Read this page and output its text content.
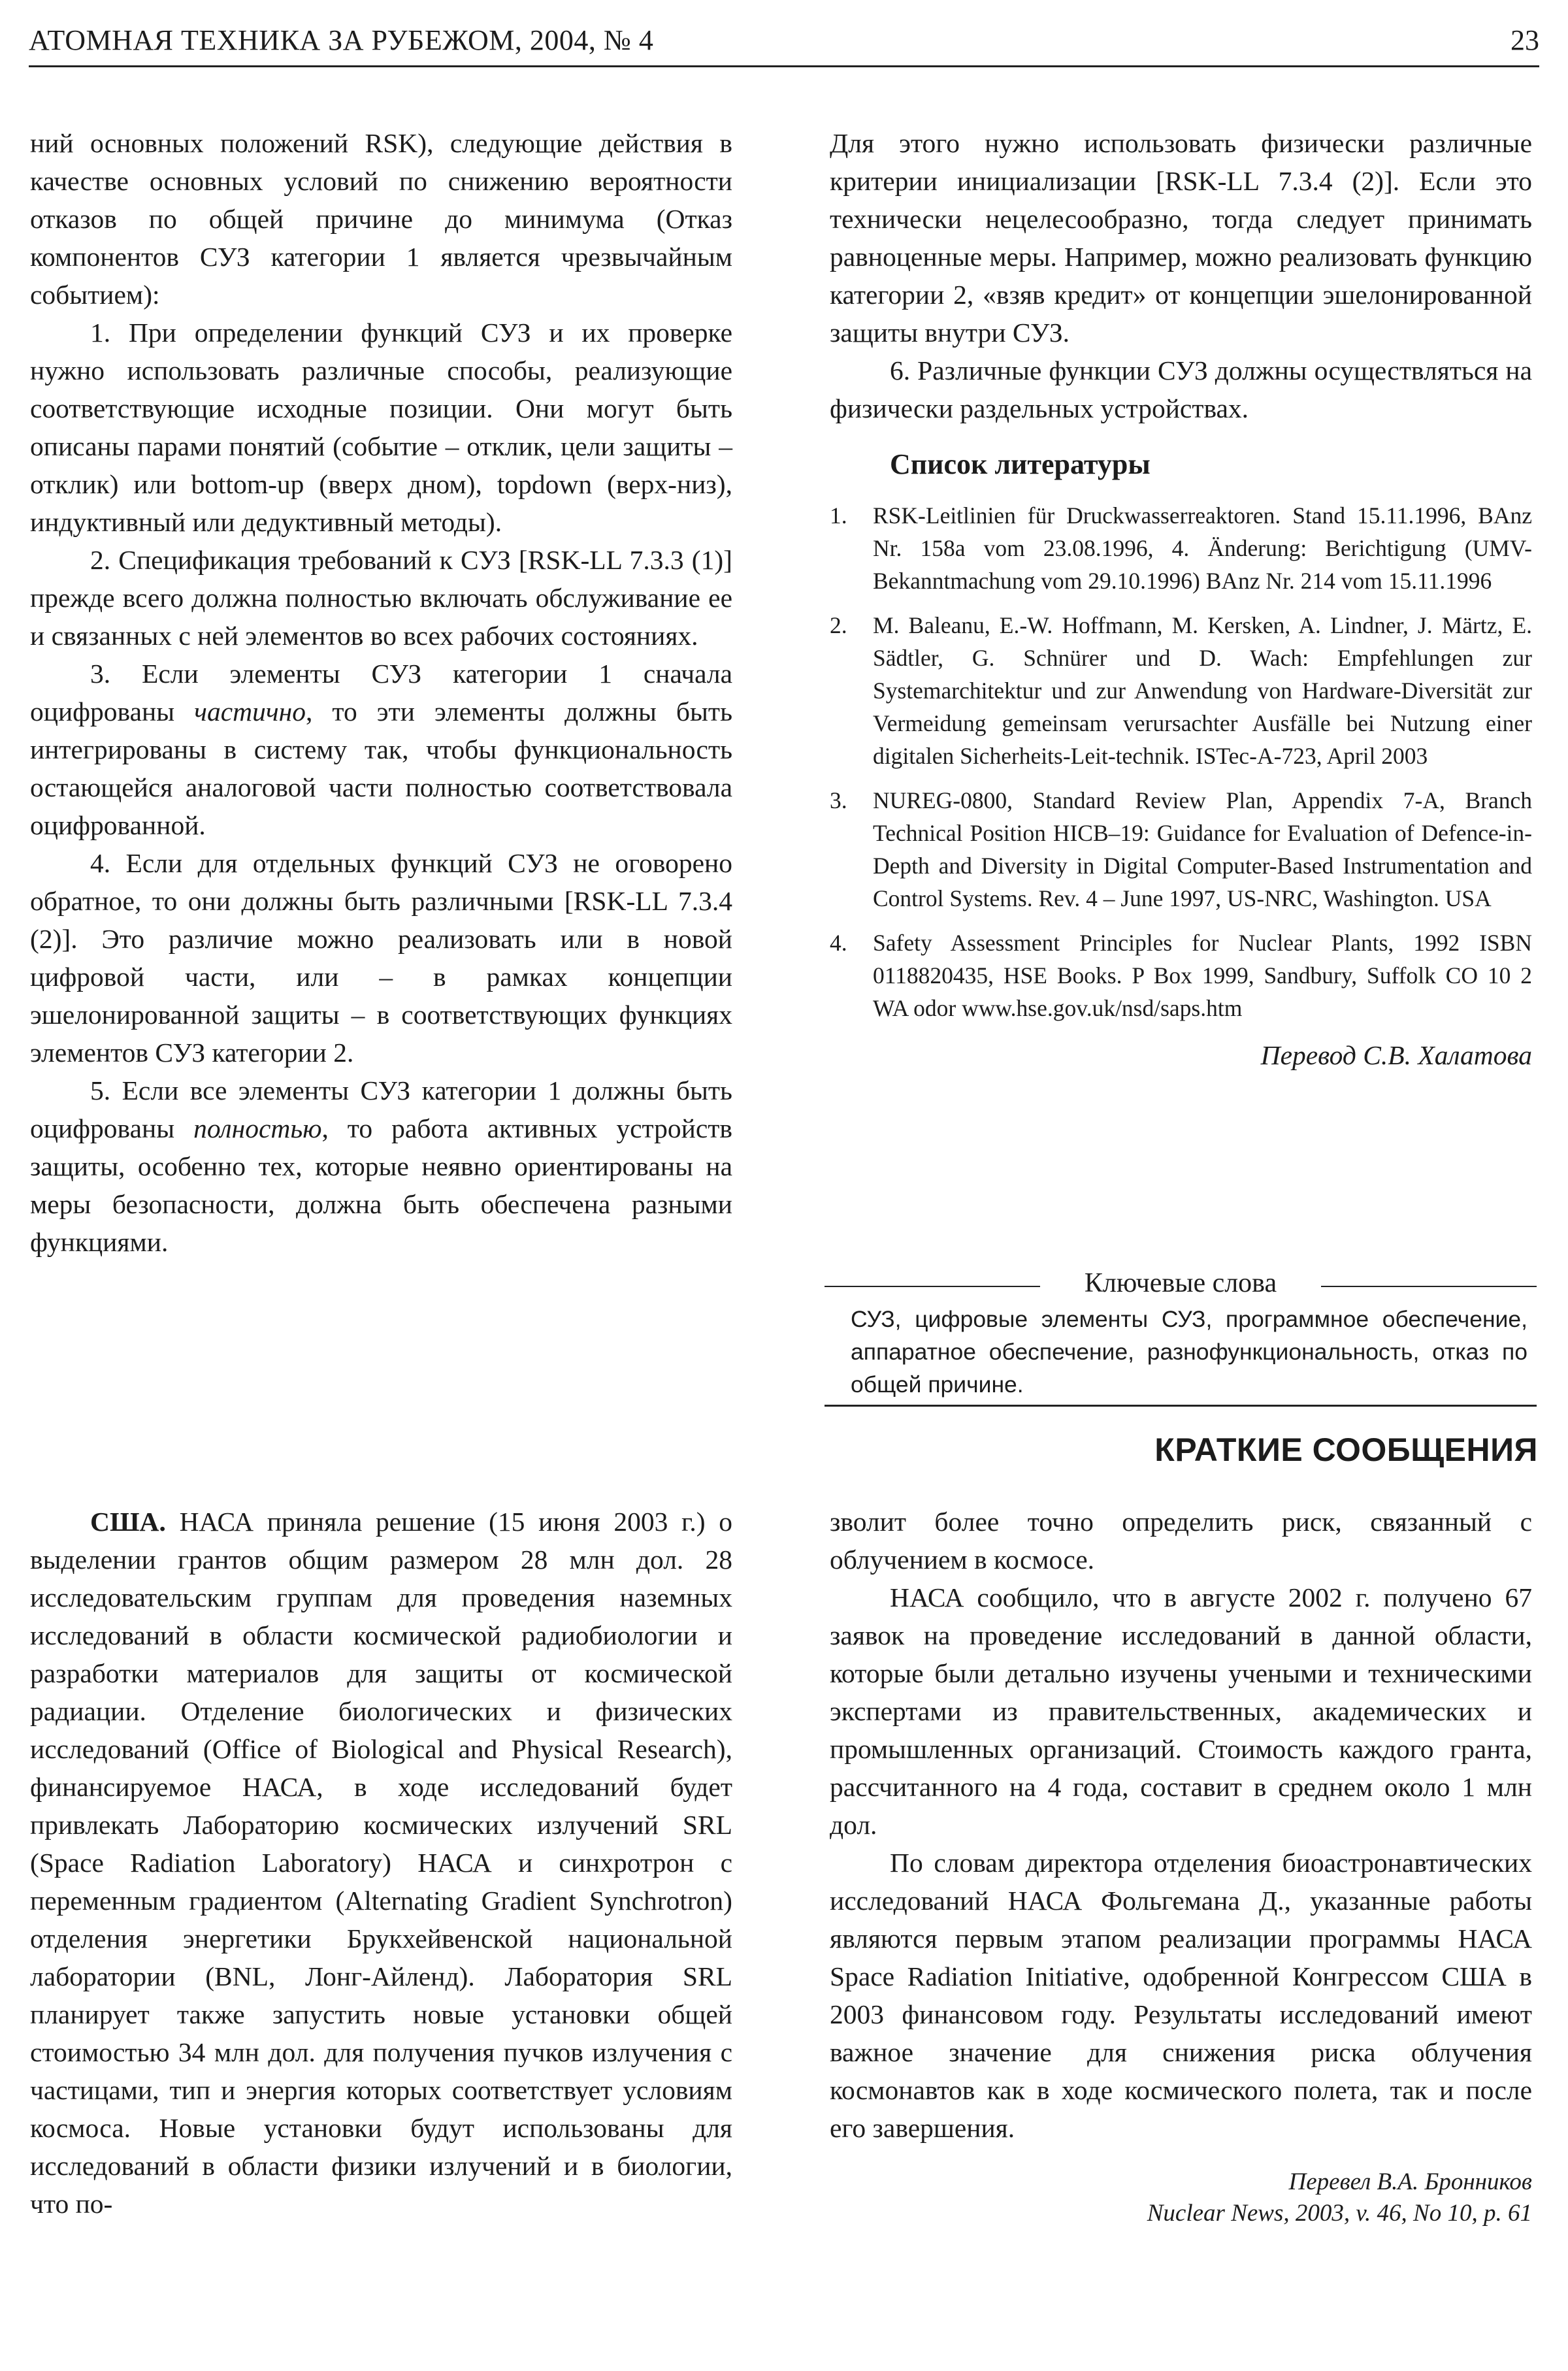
АТОМНАЯ ТЕХНИКА ЗА РУБЕЖОМ, 2004, № 4	23

ний основных положений RSK), следующие действия в качестве основных условий по снижению вероятности отказов по общей причине до минимума (Отказ компонентов СУЗ категории 1 является чрезвычайным событием):

1. При определении функций СУЗ и их проверке нужно использовать различные способы, реализующие соответствующие исходные позиции. Они могут быть описаны парами понятий (событие – отклик, цели защиты – отклик) или bottom-up (вверх дном), topdown (верх-низ), индуктивный или дедуктивный методы).

2. Спецификация требований к СУЗ [RSK-LL 7.3.3 (1)] прежде всего должна полностью включать обслуживание ее и связанных с ней элементов во всех рабочих состояниях.

3. Если элементы СУЗ категории 1 сначала оцифрованы частично, то эти элементы должны быть интегрированы в систему так, чтобы функциональность остающейся аналоговой части полностью соответствовала оцифрованной.

4. Если для отдельных функций СУЗ не оговорено обратное, то они должны быть различными [RSK-LL 7.3.4 (2)]. Это различие можно реализовать или в новой цифровой части, или – в рамках концепции эшелонированной защиты – в соответствующих функциях элементов СУЗ категории 2.

5. Если все элементы СУЗ категории 1 должны быть оцифрованы полностью, то работа активных устройств защиты, особенно тех, которые неявно ориентированы на меры безопасности, должна быть обеспечена разными функциями.

Для этого нужно использовать физически различные критерии инициализации [RSK-LL 7.3.4 (2)]. Если это технически нецелесообразно, тогда следует принимать равноценные меры. Например, можно реализовать функцию категории 2, «взяв кредит» от концепции эшелонированной защиты внутри СУЗ.

6. Различные функции СУЗ должны осуществляться на физически раздельных устройствах.

Список литературы

1. RSK-Leitlinien für Druckwasserreaktoren. Stand 15.11.1996, BAnz Nr. 158a vom 23.08.1996, 4. Änderung: Berichtigung (UMV-Bekanntmachung vom 29.10.1996) BAnz Nr. 214 vom 15.11.1996
2. M. Baleanu, E.-W. Hoffmann, M. Kersken, A. Lindner, J. Märtz, E. Sädtler, G. Schnürer und D. Wach: Empfehlungen zur Systemarchitektur und zur Anwendung von Hardware-Diversität zur Vermeidung gemeinsam verursachter Ausfälle bei Nutzung einer digitalen Sicherheits-Leit-technik. ISTec-A-723, April 2003
3. NUREG-0800, Standard Review Plan, Appendix 7-A, Branch Technical Position HICB–19: Guidance for Evaluation of Defence-in-Depth and Diversity in Digital Computer-Based Instrumentation and Control Systems. Rev. 4 – June 1997, US-NRC, Washington. USA
4. Safety Assessment Principles for Nuclear Plants, 1992 ISBN 0118820435, HSE Books. P Box 1999, Sandbury, Suffolk CO 10 2 WA odor www.hse.gov.uk/nsd/saps.htm

Перевод С.В. Халатова

Ключевые слова
СУЗ, цифровые элементы СУЗ, программное обеспечение, аппаратное обеспечение, разнофункциональность, отказ по общей причине.
КРАТКИЕ СООБЩЕНИЯ

США. НАСА приняла решение (15 июня 2003 г.) о выделении грантов общим размером 28 млн дол. 28 исследовательским группам для проведения наземных исследований в области космической радиобиологии и разработки материалов для защиты от космической радиации. Отделение биологических и физических исследований (Office of Biological and Physical Research), финансируемое НАСА, в ходе исследований будет привлекать Лабораторию космических излучений SRL (Space Radiation Laboratory) НАСА и синхротрон с переменным градиентом (Alternating Gradient Synchrotron) отделения энергетики Брукхейвенской национальной лаборатории (BNL, Лонг-Айленд). Лаборатория SRL планирует также запустить новые установки общей стоимостью 34 млн дол. для получения пучков излучения с частицами, тип и энергия которых соответствует условиям космоса. Новые установки будут использованы для исследований в области физики излучений и в биологии, что по-

зволит более точно определить риск, связанный с облучением в космосе.

НАСА сообщило, что в августе 2002 г. получено 67 заявок на проведение исследований в данной области, которые были детально изучены учеными и техническими экспертами из правительственных, академических и промышленных организаций. Стоимость каждого гранта, рассчитанного на 4 года, составит в среднем около 1 млн дол.

По словам директора отделения биоастронавтических исследований НАСА Фольгемана Д., указанные работы являются первым этапом реализации программы НАСА Space Radiation Initiative, одобренной Конгрессом США в 2003 финансовом году. Результаты исследований имеют важное значение для снижения риска облучения космонавтов как в ходе космического полета, так и после его завершения.

Перевел В.А. Бронников
Nuclear News, 2003, v. 46, No 10, p. 61
